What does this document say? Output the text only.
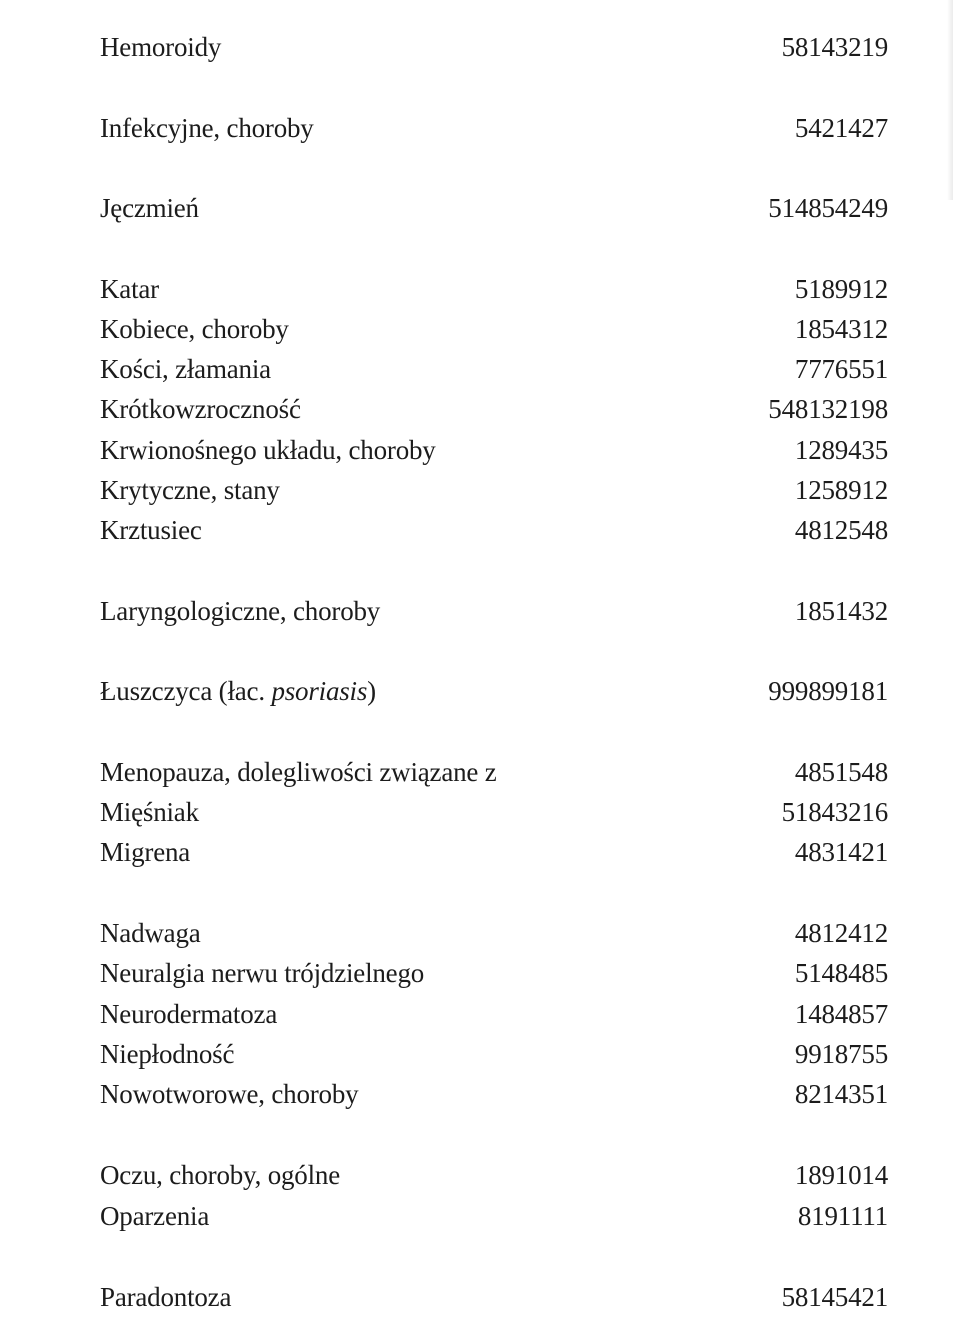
Hemoroidy	58143219
Infekcyjne, choroby	5421427
Jęczmień	514854249
Katar	5189912
Kobiece, choroby	1854312
Kości, złamania	7776551
Krótkowzroczność	548132198
Krwionośnego układu, choroby	1289435
Krytyczne, stany	1258912
Krztusiec	4812548
Laryngologiczne, choroby	1851432
Łuszczyca (łac. psoriasis)	999899181
Menopauza, dolegliwości związane z	4851548
Mięśniak	51843216
Migrena	4831421
Nadwaga	4812412
Neuralgia nerwu trójdzielnego	5148485
Neurodermatoza	1484857
Niepłodność	9918755
Nowotworowe, choroby	8214351
Oczu, choroby, ogólne	1891014
Oparzenia	8191111
Paradontoza	58145421
